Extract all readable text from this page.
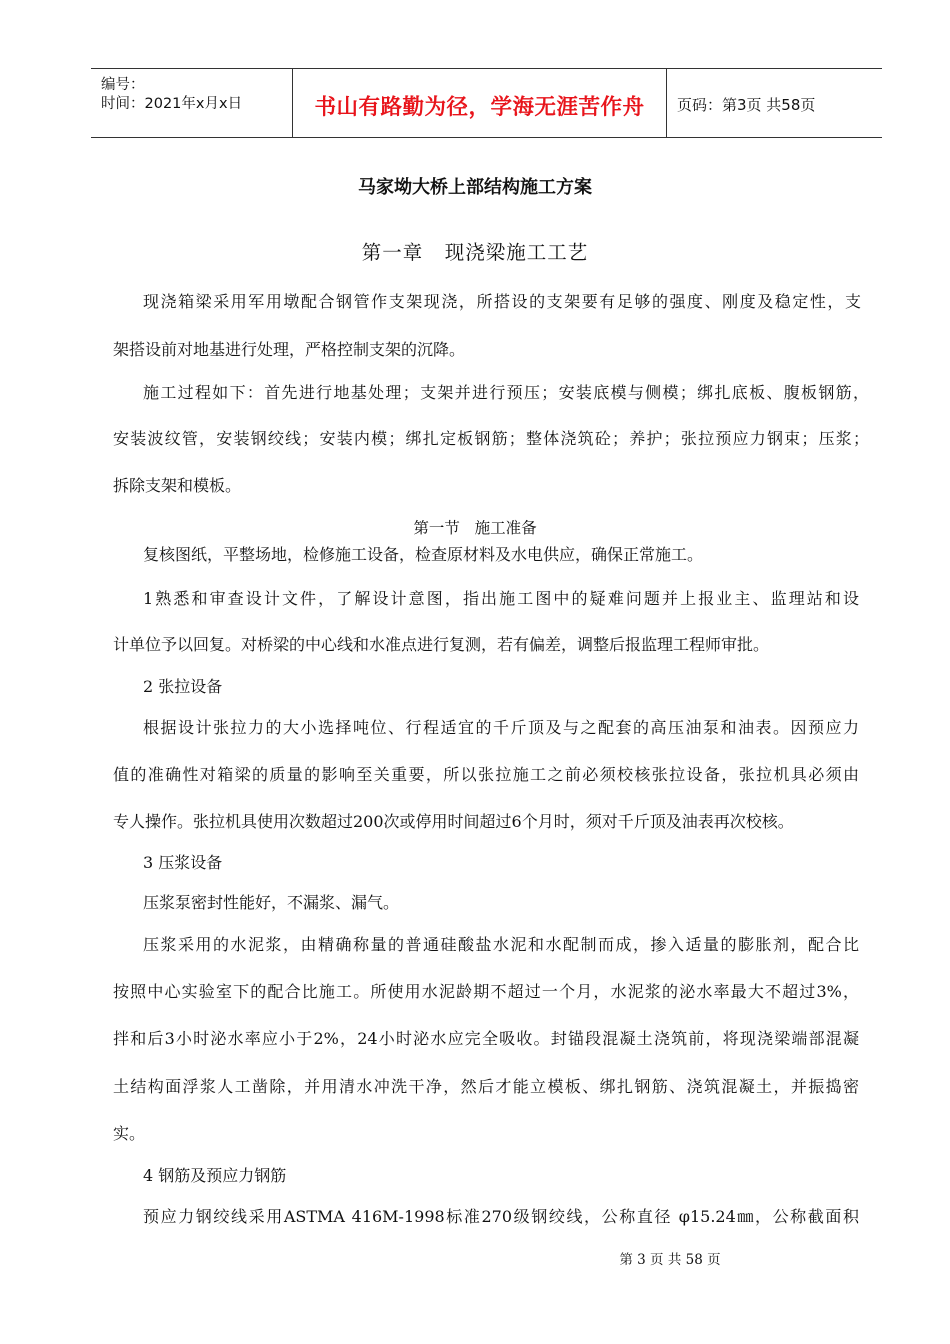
编号：
时间：2021年x月x日	书山有路勤为径，学海无涯苦作舟	页码：第3页 共58页
马家坳大桥上部结构施工方案
第一章   现浇梁施工工艺
现浇箱梁采用军用墩配合钢管作支架现浇，所搭设的支架要有足够的强度、刚度及稳定性，支
架搭设前对地基进行处理，严格控制支架的沉降。
施工过程如下：首先进行地基处理；支架并进行预压；安装底模与侧模；绑扎底板、腹板钢筋，
安装波纹管，安装钢绞线；安装内模；绑扎定板钢筋；整体浇筑砼；养护；张拉预应力钢束；压浆；
拆除支架和模板。
第一节   施工准备
复核图纸，平整场地，检修施工设备，检查原材料及水电供应，确保正常施工。
1熟悉和审查设计文件，了解设计意图，指出施工图中的疑难问题并上报业主、监理站和设
计单位予以回复。对桥梁的中心线和水准点进行复测，若有偏差，调整后报监理工程师审批。
2 张拉设备
根据设计张拉力的大小选择吨位、行程适宜的千斤顶及与之配套的高压油泵和油表。因预应力
值的准确性对箱梁的质量的影响至关重要，所以张拉施工之前必须校核张拉设备，张拉机具必须由
专人操作。张拉机具使用次数超过200次或停用时间超过6个月时，须对千斤顶及油表再次校核。
3 压浆设备
压浆泵密封性能好，不漏浆、漏气。
压浆采用的水泥浆，由精确称量的普通硅酸盐水泥和水配制而成，掺入适量的膨胀剂，配合比
按照中心实验室下的配合比施工。所使用水泥龄期不超过一个月，水泥浆的泌水率最大不超过3%，
拌和后3小时泌水率应小于2%，24小时泌水应完全吸收。封锚段混凝土浇筑前，将现浇梁端部混凝
土结构面浮浆人工凿除，并用清水冲洗干净，然后才能立模板、绑扎钢筋、浇筑混凝土，并振捣密
实。
4 钢筋及预应力钢筋
预应力钢绞线采用ASTMA 416M-1998标准270级钢绞线，公称直径 φ15.24㎜，公称截面积
第 3 页 共 58 页
